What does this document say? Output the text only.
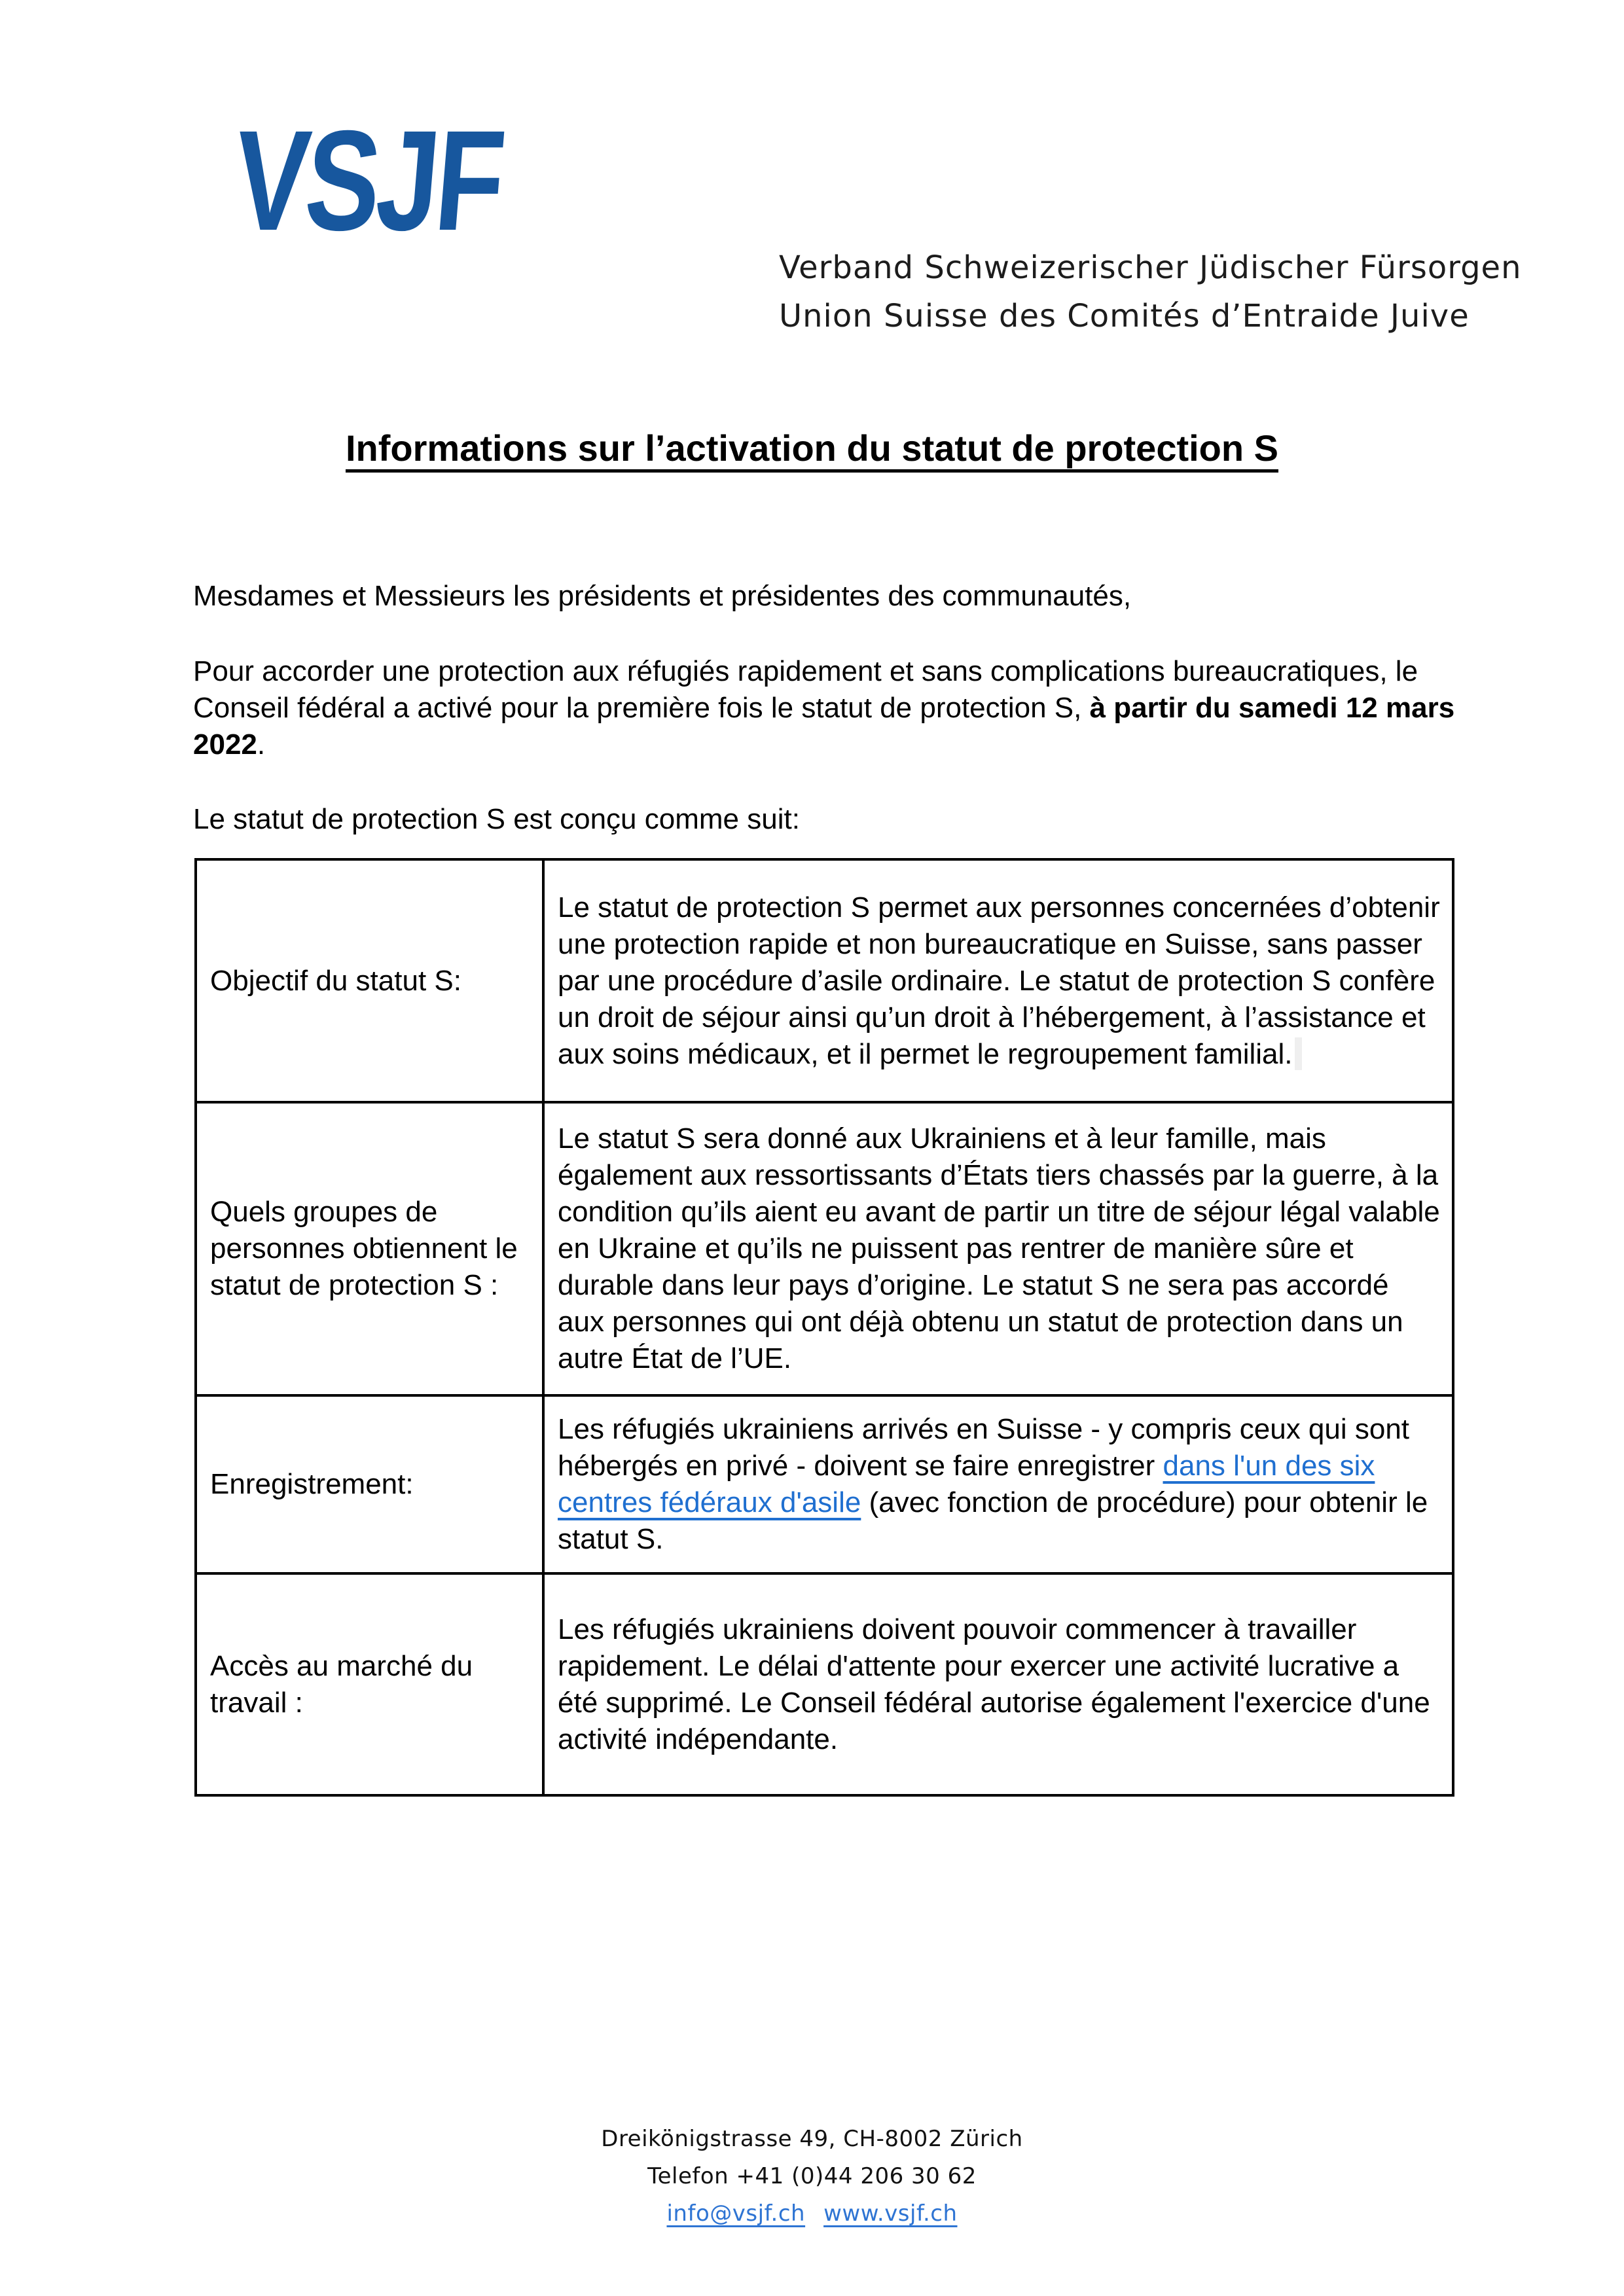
VSJF
Verband Schweizerischer Jüdischer Fürsorgen
Union Suisse des Comités d’Entraide Juive
Informations sur l’activation du statut de protection S
Mesdames et Messieurs les présidents et présidentes des communautés,
Pour accorder une protection aux réfugiés rapidement et sans complications bureaucratiques, le Conseil fédéral a activé pour la première fois le statut de protection S, à partir du samedi 12 mars 2022.
Le statut de protection S est conçu comme suit:
Objectif du statut S:
Le statut de protection S permet aux personnes concernées d’obtenir une protection rapide et non bureaucratique en Suisse, sans passer par une procédure d’asile ordinaire. Le statut de protection S confère un droit de séjour ainsi qu’un droit à l’hébergement, à l’assistance et aux soins médicaux, et il permet le regroupement familial.
Quels groupes de personnes obtiennent le statut de protection S :
Le statut S sera donné aux Ukrainiens et à leur famille, mais également aux ressortissants d’États tiers chassés par la guerre, à la condition qu’ils aient eu avant de partir un titre de séjour légal valable en Ukraine et qu’ils ne puissent pas rentrer de manière sûre et durable dans leur pays d’origine. Le statut S ne sera pas accordé aux personnes qui ont déjà obtenu un statut de protection dans un autre État de l’UE.
Enregistrement:
Les réfugiés ukrainiens arrivés en Suisse - y compris ceux qui sont hébergés en privé - doivent se faire enregistrer dans l'un des six centres fédéraux d'asile (avec fonction de procédure) pour obtenir le statut S.
Accès au marché du travail :
Les réfugiés ukrainiens doivent pouvoir commencer à travailler rapidement. Le délai d'attente pour exercer une activité lucrative a été supprimé. Le Conseil fédéral autorise également l'exercice d'une activité indépendante.
Dreikönigstrasse 49, CH-8002 Zürich
Telefon +41 (0)44 206 30 62
info@vsjf.ch www.vsjf.ch
